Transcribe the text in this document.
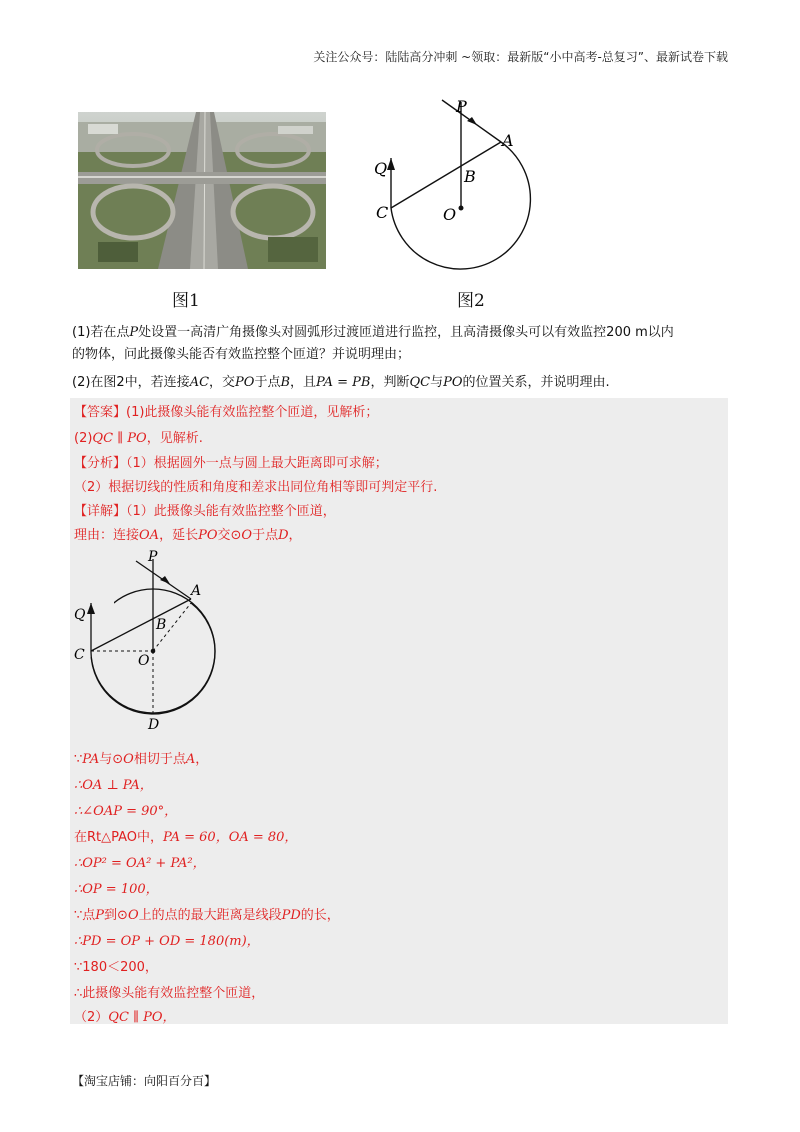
关注公众号：陆陆高分冲刺 ~领取：最新版“小中高考-总复习”、最新试卷下载
图1
P
A
B
C	O
Q
图2
(1)若在点P处设置一高清广角摄像头对圆弧形过渡匝道进行监控，且高清摄像头可以有效监控200 m以内
的物体，问此摄像头能否有效监控整个匝道？并说明理由；
(2)在图2中，若连接AC，交PO于点B，且PA = PB，判断QC与PO的位置关系，并说明理由.
【答案】(1)此摄像头能有效监控整个匝道，见解析；
(2)QC ∥ PO，见解析.
【分析】（1）根据圆外一点与圆上最大距离即可求解；
（2）根据切线的性质和角度和差求出同位角相等即可判定平行.
【详解】（1）此摄像头能有效监控整个匝道，
理由：连接OA，延长PO交⊙O于点D，
P
A
B
C	O
Q
D
∵PA与⊙O相切于点A，
∴OA ⊥ PA，
∴∠OAP = 90°，
在Rt△PAO中，PA = 60，OA = 80，
∴OP² = OA² + PA²，
∴OP = 100，
∵点P到⊙O上的点的最大距离是线段PD的长，
∴PD = OP + OD = 180(m)，
∵180＜200，
∴此摄像头能有效监控整个匝道，
（2）QC ∥ PO，
【淘宝店铺：向阳百分百】
